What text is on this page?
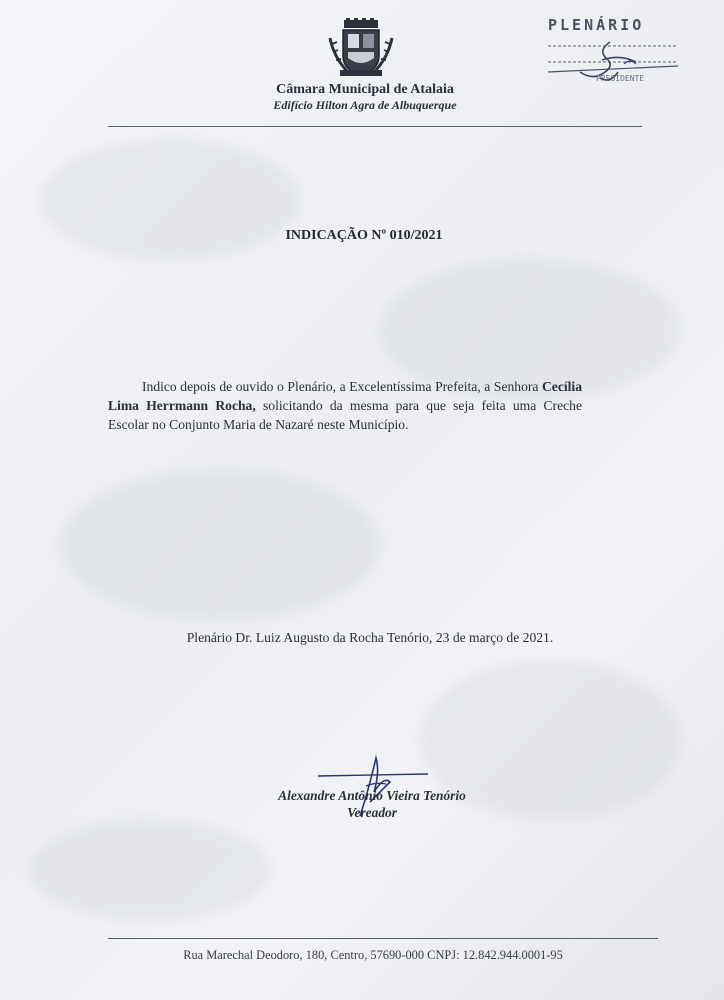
Câmara Municipal de Atalaia
Edifício Hilton Agra de Albuquerque
PLENÁRIO
PRESIDENTE
INDICAÇÃO Nº 010/2021
Indico depois de ouvido o Plenário, a Excelentíssima Prefeita, a Senhora Cecília Lima Herrmann Rocha, solicitando da mesma para que seja feita uma Creche Escolar no Conjunto Maria de Nazaré neste Município.
Plenário Dr. Luiz Augusto da Rocha Tenório, 23 de março de 2021.
Alexandre Antônio Vieira Tenório
Vereador
Rua Marechal Deodoro, 180, Centro, 57690-000 CNPJ: 12.842.944.0001-95
